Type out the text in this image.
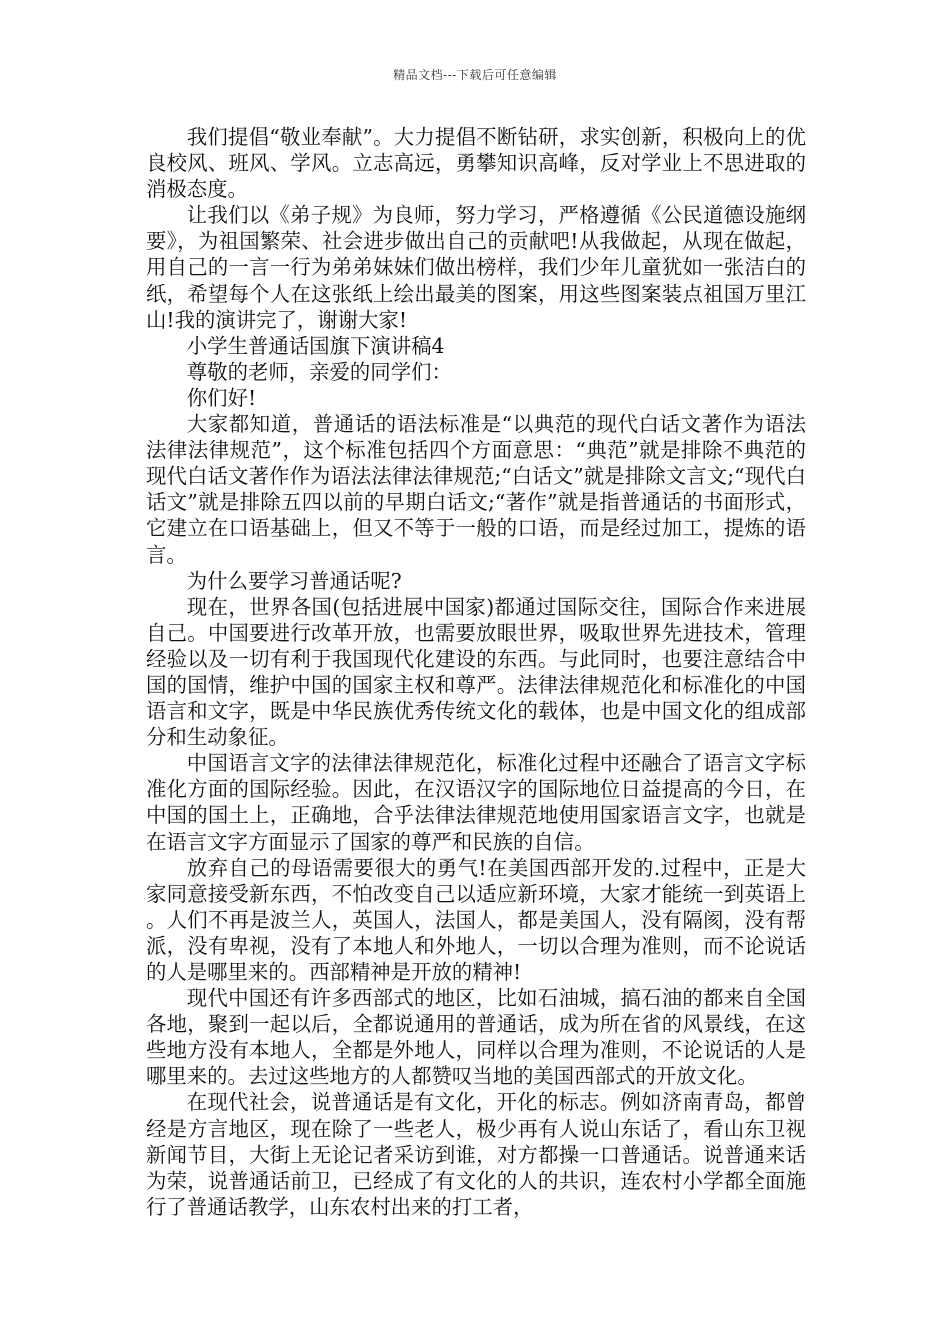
精品文档---下载后可任意编辑

我们提倡“敬业奉献”。大力提倡不断钻研，求实创新，积极向上的优良校风、班风、学风。立志高远，勇攀知识高峰，反对学业上不思进取的消极态度。

让我们以《弟子规》为良师，努力学习，严格遵循《公民道德设施纲要》，为祖国繁荣、社会进步做出自己的贡献吧!从我做起，从现在做起，用自己的一言一行为弟弟妹妹们做出榜样，我们少年儿童犹如一张洁白的纸，希望每个人在这张纸上绘出最美的图案，用这些图案装点祖国万里江山!我的演讲完了，谢谢大家!

小学生普通话国旗下演讲稿4

尊敬的老师，亲爱的同学们：

你们好!

大家都知道，普通话的语法标准是“以典范的现代白话文著作为语法法律法律规范”，这个标准包括四个方面意思：“典范”就是排除不典范的现代白话文著作作为语法法律法律规范;“白话文”就是排除文言文;“现代白话文”就是排除五四以前的早期白话文;“著作”就是指普通话的书面形式，它建立在口语基础上，但又不等于一般的口语，而是经过加工，提炼的语言。

为什么要学习普通话呢?

现在，世界各国(包括进展中国家)都通过国际交往，国际合作来进展自己。中国要进行改革开放，也需要放眼世界，吸取世界先进技术，管理经验以及一切有利于我国现代化建设的东西。与此同时，也要注意结合中国的国情，维护中国的国家主权和尊严。法律法律规范化和标准化的中国语言和文字，既是中华民族优秀传统文化的载体，也是中国文化的组成部分和生动象征。

中国语言文字的法律法律规范化，标准化过程中还融合了语言文字标准化方面的国际经验。因此，在汉语汉字的国际地位日益提高的今日，在中国的国土上，正确地，合乎法律法律规范地使用国家语言文字，也就是在语言文字方面显示了国家的尊严和民族的自信。

放弃自己的母语需要很大的勇气!在美国西部开发的.过程中，正是大家同意接受新东西，不怕改变自己以适应新环境，大家才能统一到英语上。人们不再是波兰人，英国人，法国人，都是美国人，没有隔阂，没有帮派，没有卑视，没有了本地人和外地人，一切以合理为准则，而不论说话的人是哪里来的。西部精神是开放的精神!

现代中国还有许多西部式的地区，比如石油城，搞石油的都来自全国各地，聚到一起以后，全都说通用的普通话，成为所在省的风景线，在这些地方没有本地人，全都是外地人，同样以合理为准则，不论说话的人是哪里来的。去过这些地方的人都赞叹当地的美国西部式的开放文化。

在现代社会，说普通话是有文化，开化的标志。例如济南青岛，都曾经是方言地区，现在除了一些老人，极少再有人说山东话了，看山东卫视新闻节目，大街上无论记者采访到谁，对方都操一口普通话。说普通来话为荣，说普通话前卫，已经成了有文化的人的共识，连农村小学都全面施行了普通话教学，山东农村出来的打工者，
